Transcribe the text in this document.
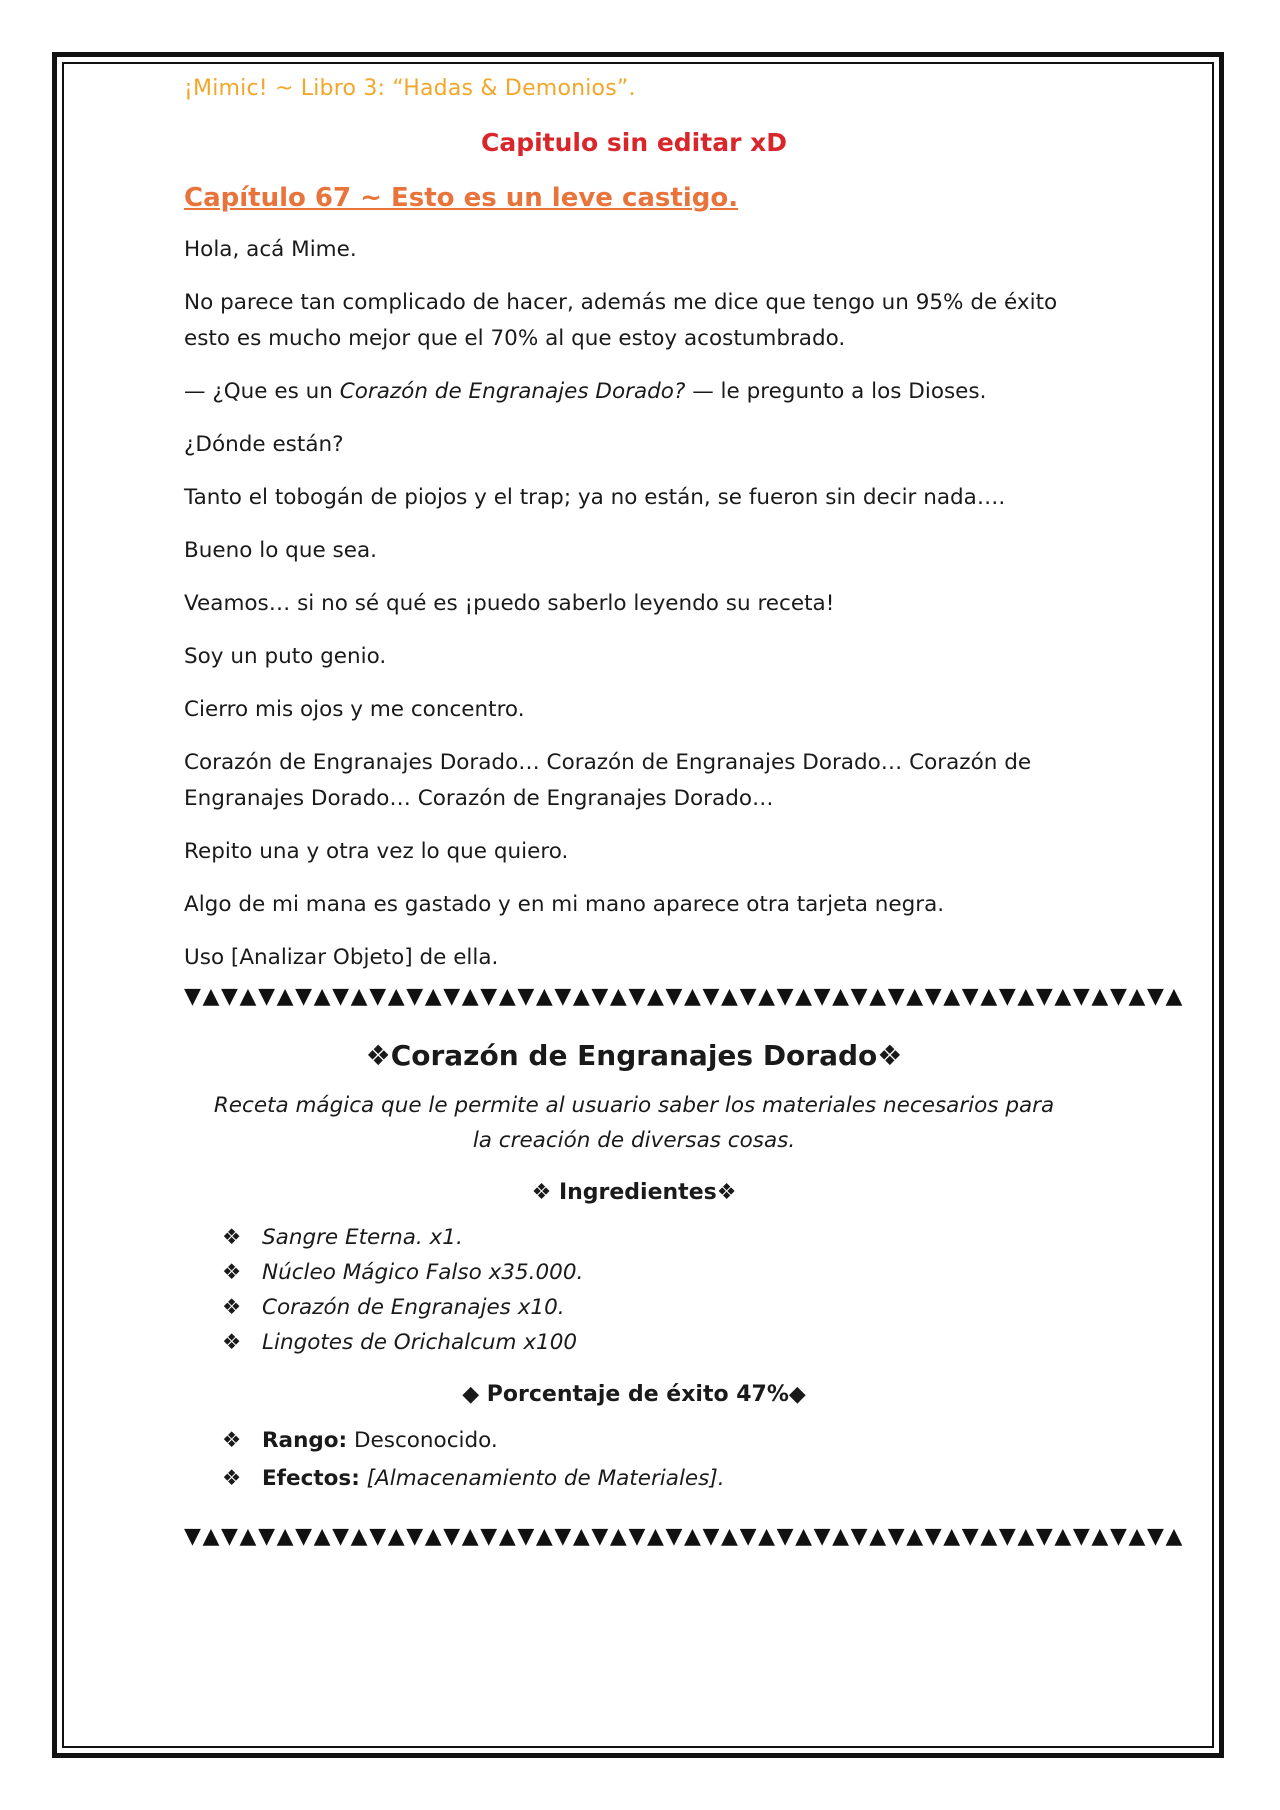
¡Mimic! ~ Libro 3: “Hadas & Demonios”.
Capitulo sin editar xD
Capítulo 67 ~ Esto es un leve castigo.

Hola, acá Mime.

No parece tan complicado de hacer, además me dice que tengo un 95% de éxito esto es mucho mejor que el 70% al que estoy acostumbrado.

— ¿Que es un Corazón de Engranajes Dorado? — le pregunto a los Dioses.

¿Dónde están?

Tanto el tobogán de piojos y el trap; ya no están, se fueron sin decir nada….

Bueno lo que sea.

Veamos… si no sé qué es ¡puedo saberlo leyendo su receta!

Soy un puto genio.

Cierro mis ojos y me concentro.

Corazón de Engranajes Dorado… Corazón de Engranajes Dorado… Corazón de Engranajes Dorado… Corazón de Engranajes Dorado…

Repito una y otra vez lo que quiero.

Algo de mi mana es gastado y en mi mano aparece otra tarjeta negra.

Uso [Analizar Objeto] de ella.

▼▲▼▲▼▲▼▲▼▲▼▲▼▲▼▲▼▲▼▲▼▲▼▲▼▲▼▲▼▲▼▲▼▲▼▲▼▲▼▲▼▲▼▲▼▲▼▲▼▲▼▲▼▲
❖Corazón de Engranajes Dorado❖
Receta mágica que le permite al usuario saber los materiales necesarios para la creación de diversas cosas.
❖ Ingredientes❖
❖ Sangre Eterna. x1.
❖ Núcleo Mágico Falso x35.000.
❖ Corazón de Engranajes x10.
❖ Lingotes de Orichalcum x100
◆ Porcentaje de éxito 47%◆
❖ Rango: Desconocido.
❖ Efectos: [Almacenamiento de Materiales].
▼▲▼▲▼▲▼▲▼▲▼▲▼▲▼▲▼▲▼▲▼▲▼▲▼▲▼▲▼▲▼▲▼▲▼▲▼▲▼▲▼▲▼▲▼▲▼▲▼▲▼▲▼▲
